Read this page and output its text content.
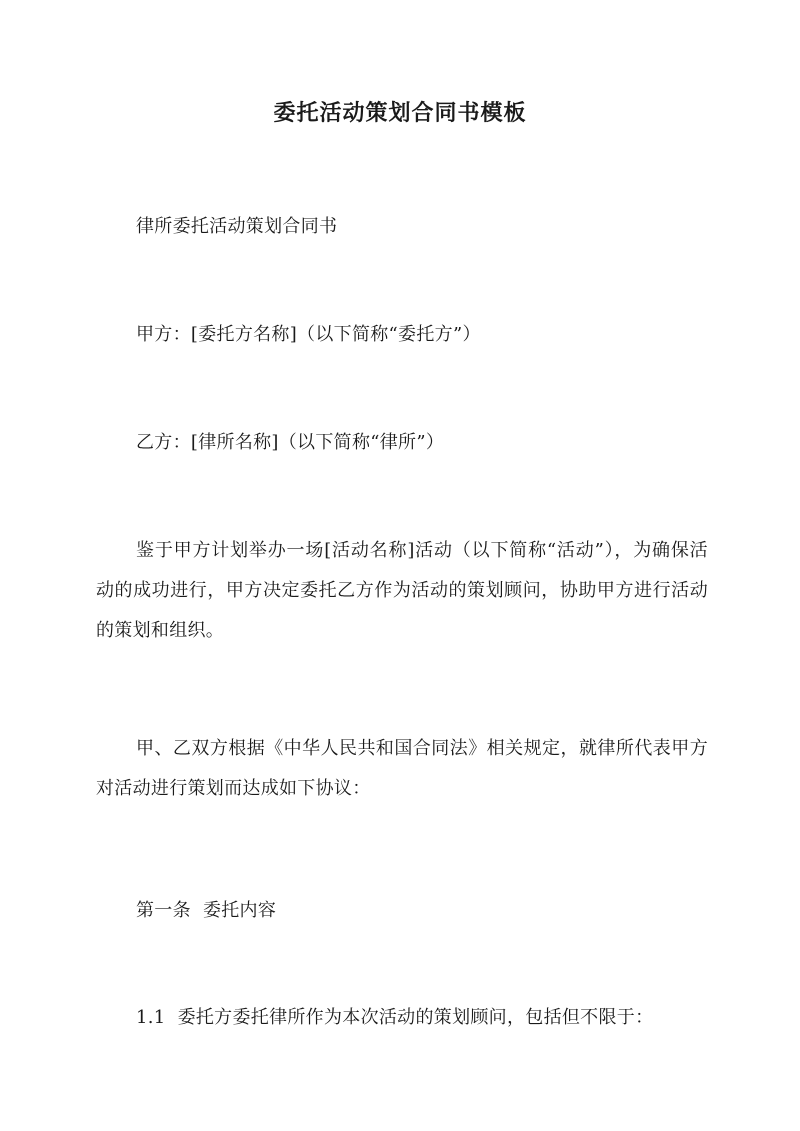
委托活动策划合同书模板
律所委托活动策划合同书
甲方：[委托方名称]（以下简称“委托方”）
乙方：[律所名称]（以下简称“律所”）
鉴于甲方计划举办一场[活动名称]活动（以下简称“活动”），为确保活动的成功进行，甲方决定委托乙方作为活动的策划顾问，协助甲方进行活动的策划和组织。
甲、乙双方根据《中华人民共和国合同法》相关规定，就律所代表甲方对活动进行策划而达成如下协议：
第一条  委托内容
1.1  委托方委托律所作为本次活动的策划顾问，包括但不限于：
